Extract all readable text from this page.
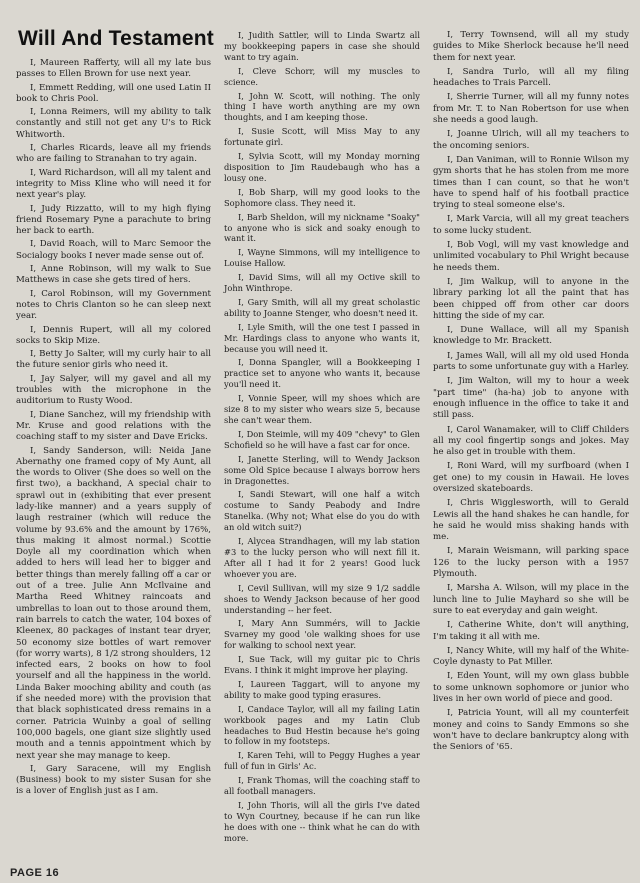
Will And Testament

I, Maureen Rafferty, will all my late bus passes to Ellen Brown for use next year.

I, Emmett Redding, will one used Latin II book to Chris Pool.

I, Lonna Reimers, will my ability to talk constantly and still not get any U's to Rick Whitworth.

I, Charles Ricards, leave all my friends who are failing to Stranahan to try again.

I, Ward Richardson, will all my talent and integrity to Miss Kline who will need it for next year's play.

I, Judy Rizzatto, will to my high flying friend Rosemary Pyne a parachute to bring her back to earth.

I, David Roach, will to Marc Semoor the Socialogy books I never made sense out of.

I, Anne Robinson, will my walk to Sue Matthews in case she gets tired of hers.

I, Carol Robinson, will my Government notes to Chris Clanton so he can sleep next year.

I, Dennis Rupert, will all my colored socks to Skip Mize.

I, Betty Jo Salter, will my curly hair to all the future senior girls who need it.

I, Jay Salyer, will my gavel and all my troubles with the microphone in the auditorium to Rusty Wood.

I, Diane Sanchez, will my friendship with Mr. Kruse and good relations with the coaching staff to my sister and Dave Ericks.

I, Sandy Sanderson, will: Neida Jane Abernathy one framed copy of My Aunt, all the words to Oliver (She does so well on the first two), a backhand, A special chair to sprawl out in (exhibiting that ever present lady-like manner) and a years supply of laugh restrainer (which will reduce the volume by 93.6% and the amount by 176%, thus making it almost normal.) Scottie Doyle all my coordination which when added to hers will lead her to bigger and better things than merely falling off a car or out of a tree. Julie Ann McIlvaine and Martha Reed Whitney raincoats and umbrellas to loan out to those around them, rain barrels to catch the water, 104 boxes of Kleenex, 80 packages of instant tear dryer, 50 economy size bottles of wart remover (for worry warts), 8 1/2 strong shoulders, 12 infected ears, 2 books on how to fool yourself and all the happiness in the world. Linda Baker mooching ability and couth (as if she needed more) with the provision that that black sophisticated dress remains in a corner. Patricia Wuinby a goal of selling 100,000 bagels, one giant size slightly used mouth and a tennis appointment which by next year she may manage to keep.

I, Gary Saracene, will my English (Business) book to my sister Susan for she is a lover of English just as I am.

I, Judith Sattler, will to Linda Swartz all my bookkeeping papers in case she should want to try again.

I, Cleve Schorr, will my muscles to science.

I, John W. Scott, will nothing. The only thing I have worth anything are my own thoughts, and I am keeping those.

I, Susie Scott, will Miss May to any fortunate girl.

I, Sylvia Scott, will my Monday morning disposition to Jim Raudebaugh who has a lousy one.

I, Bob Sharp, will my good looks to the Sophomore class. They need it.

I, Barb Sheldon, will my nickname "Soaky" to anyone who is sick and soaky enough to want it.

I, Wayne Simmons, will my intelligence to Louise Hallow.

I, David Sims, will all my Octive skill to John Winthrope.

I, Gary Smith, will all my great scholastic ability to Joanne Stenger, who doesn't need it.

I, Lyle Smith, will the one test I passed in Mr. Hardings class to anyone who wants it, because you will need it.

I, Donna Spangler, will a Bookkeeping I practice set to anyone who wants it, because you'll need it.

I, Vonnie Speer, will my shoes which are size 8 to my sister who wears size 5, because she can't wear them.

I, Don Steimle, will my 409 "chevy" to Glen Schofield so he will have a fast car for once.

I, Janette Sterling, will to Wendy Jackson some Old Spice because I always borrow hers in Dragonettes.

I, Sandi Stewart, will one half a witch costume to Sandy Peabody and Indre Stanelka. (Why not; What else do you do with an old witch suit?)

I, Alycea Strandhagen, will my lab station #3 to the lucky person who will next fill it. After all I had it for 2 years! Good luck whoever you are.

I, Cevil Sullivan, will my size 9 1/2 saddle shoes to Wendy Jackson because of her good understanding -- her feet.

I, Mary Ann Summérs, will to Jackie Svarney my good 'ole walking shoes for use for walking to school next year.

I, Sue Tack, will my guitar pic to Chris Evans. I think it might improve her playing.

I, Laureen Taggart, will to anyone my ability to make good typing erasures.

I, Candace Taylor, will all my failing Latin workbook pages and my Latin Club headaches to Bud Hestin because he's going to follow in my footsteps.

I, Karen Tehi, will to Peggy Hughes a year full of fun in Girls' Ac.

I, Frank Thomas, will the coaching staff to all football managers.

I, John Thoris, will all the girls I've dated to Wyn Courtney, because if he can run like he does with one -- think what he can do with more.

I, Terry Townsend, will all my study guides to Mike Sherlock because he'll need them for next year.

I, Sandra Turlo, will all my filing headaches to Trais Parcell.

I, Sherrie Turner, will all my funny notes from Mr. T. to Nan Robertson for use when she needs a good laugh.

I, Joanne Ulrich, will all my teachers to the oncoming seniors.

I, Dan Vaniman, will to Ronnie Wilson my gym shorts that he has stolen from me more times than I can count, so that he won't have to spend half of his football practice trying to steal someone else's.

I, Mark Varcia, will all my great teachers to some lucky student.

I, Bob Vogl, will my vast knowledge and unlimited vocabulary to Phil Wright because he needs them.

I, Jim Walkup, will to anyone in the library parking lot all the paint that has been chipped off from other car doors hitting the side of my car.

I, Dune Wallace, will all my Spanish knowledge to Mr. Brackett.

I, James Wall, will all my old used Honda parts to some unfortunate guy with a Harley.

I, Jim Walton, will my to hour a week "part time" (ha-ha) job to anyone with enough influence in the office to take it and still pass.

I, Carol Wanamaker, will to Cliff Childers all my cool fingertip songs and jokes. May he also get in trouble with them.

I, Roni Ward, will my surfboard (when I get one) to my cousin in Hawaii. He loves oversized skateboards.

I, Chris Wigglesworth, will to Gerald Lewis all the hand shakes he can handle, for he said he would miss shaking hands with me.

I, Marain Weismann, will parking space 126 to the lucky person with a 1957 Plymouth.

I, Marsha A. Wilson, will my place in the lunch line to Julie Mayhard so she will be sure to eat everyday and gain weight.

I, Catherine White, don't will anything, I'm taking it all with me.

I, Nancy White, will my half of the White-Coyle dynasty to Pat Miller.

I, Eden Yount, will my own glass bubble to some unknown sophomore or junior who lives in her own world of piece and good.

I, Patricia Yount, will all my counterfeit money and coins to Sandy Emmons so she won't have to declare bankruptcy along with the Seniors of '65.

PAGE 16
